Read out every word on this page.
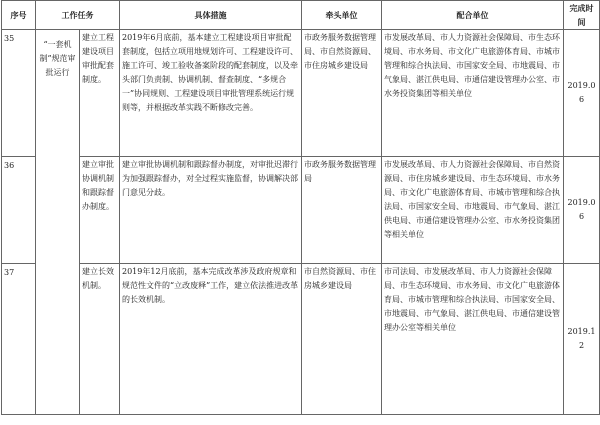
序号	工作任务		具体措施	牵头单位	配合单位	完成时间
35	“一套机制”规范审批运行	建立工程建设项目审批配套制度。	2019年6月底前，基本建立工程建设项目审批配套制度，包括立项用地规划许可、工程建设许可、施工许可、竣工验收备案阶段的配套制度，以及牵头部门负责制、协调机制、督查制度、“多规合一”协同规则、工程建设项目审批管理系统运行规则等，并根据改革实践不断修改完善。	市政务服务数据管理局、市自然资源局、市住房城乡建设局	市发展改革局、市人力资源社会保障局、市生态环境局、市水务局、市文化广电旅游体育局、市城市管理和综合执法局、市国家安全局、市地震局、市气象局、湛江供电局、市通信建设管理办公室、市水务投资集团等相关单位	2019.06
36		建立审批协调机制和跟踪督办制度。	建立审批协调机制和跟踪督办制度，对审批迟滞行为加强跟踪督办，对全过程实施监督，协调解决部门意见分歧。	市政务服务数据管理局	市发展改革局、市人力资源社会保障局、市自然资源局、市住房城乡建设局、市生态环境局、市水务局、市文化广电旅游体育局、市城市管理和综合执法局、市国家安全局、市地震局、市气象局、湛江供电局、市通信建设管理办公室、市水务投资集团等相关单位	2019.06
37		建立长效机制。	2019年12月底前，基本完成改革涉及政府规章和规范性文件的“立改废释”工作，建立依法推进改革的长效机制。	市自然资源局、市住房城乡建设局	市司法局、市发展改革局、市人力资源社会保障局、市生态环境局、市水务局、市文化广电旅游体育局、市城市管理和综合执法局、市国家安全局、市地震局、市气象局、湛江供电局、市通信建设管理办公室等相关单位	2019.12
